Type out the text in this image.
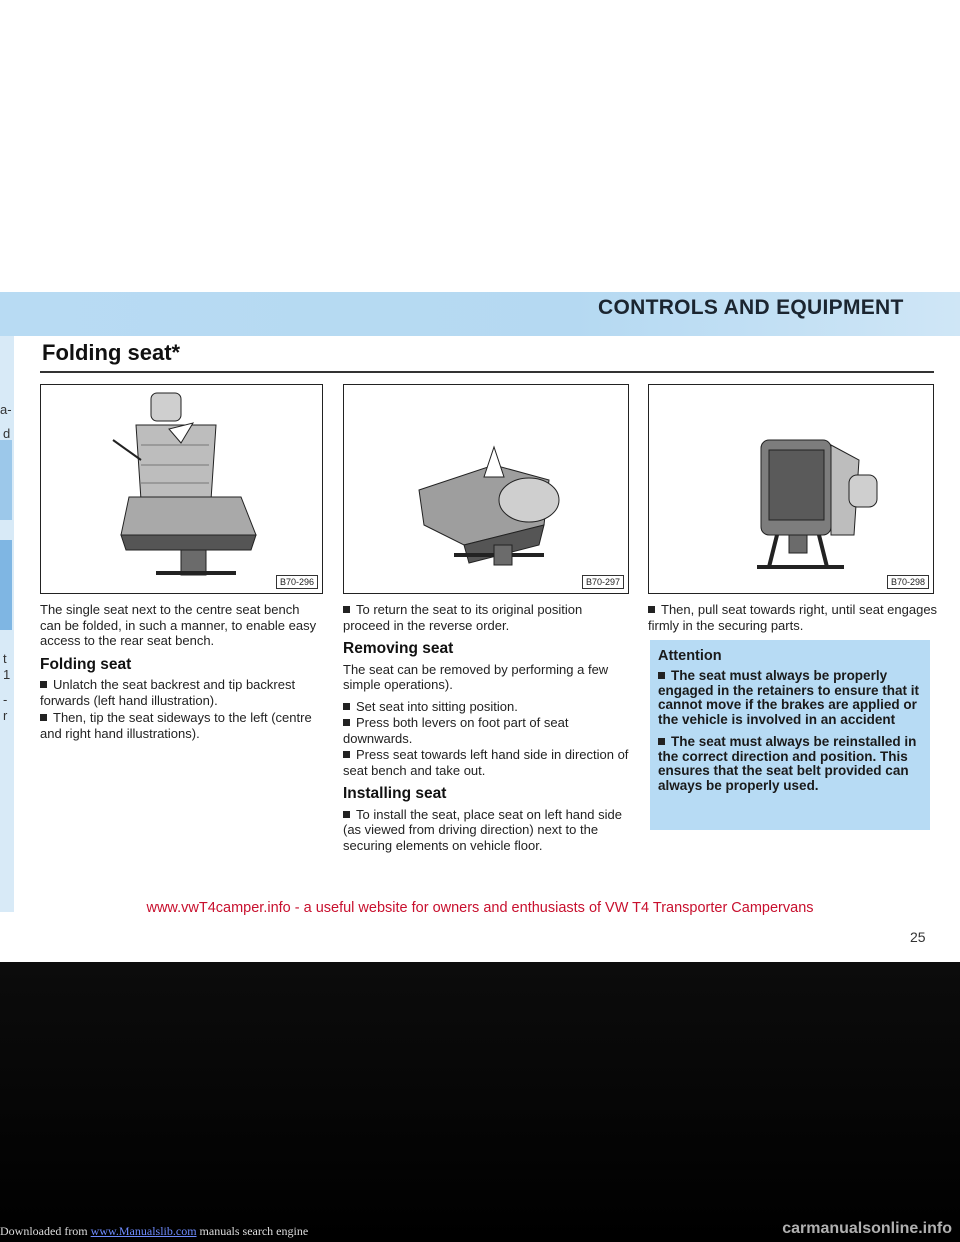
a-
d
t
1
-
r
CONTROLS AND EQUIPMENT
Folding seat*
B70-296	B70-297	B70-298

The single seat next to the centre seat bench can be folded, in such a manner, to enable easy access to the rear seat bench.

Folding seat

Unlatch the seat backrest and tip backrest forwards (left hand illustration).

Then, tip the seat sideways to the left (centre and right hand illustrations).

To return the seat to its original position proceed in the reverse order.

Removing seat

The seat can be removed by performing a few simple operations).

Set seat into sitting position.

Press both levers on foot part of seat downwards.

Press seat towards left hand side in direction of seat bench and take out.

Installing seat

To install the seat, place seat on left hand side (as viewed from driving direction) next to the securing elements on vehicle floor.

Then, pull seat towards right, until seat engages firmly in the securing parts.

Attention

The seat must always be properly engaged in the retainers to ensure that it cannot move if the brakes are applied or the vehicle is involved in an accident

The seat must always be reinstalled in the correct direction and position. This ensures that the seat belt provided can always be properly used.

www.vwT4camper.info - a useful website for owners and enthusiasts of VW T4 Transporter Campervans
25
Downloaded from www.Manualslib.com manuals search engine	carmanualsonline.info
